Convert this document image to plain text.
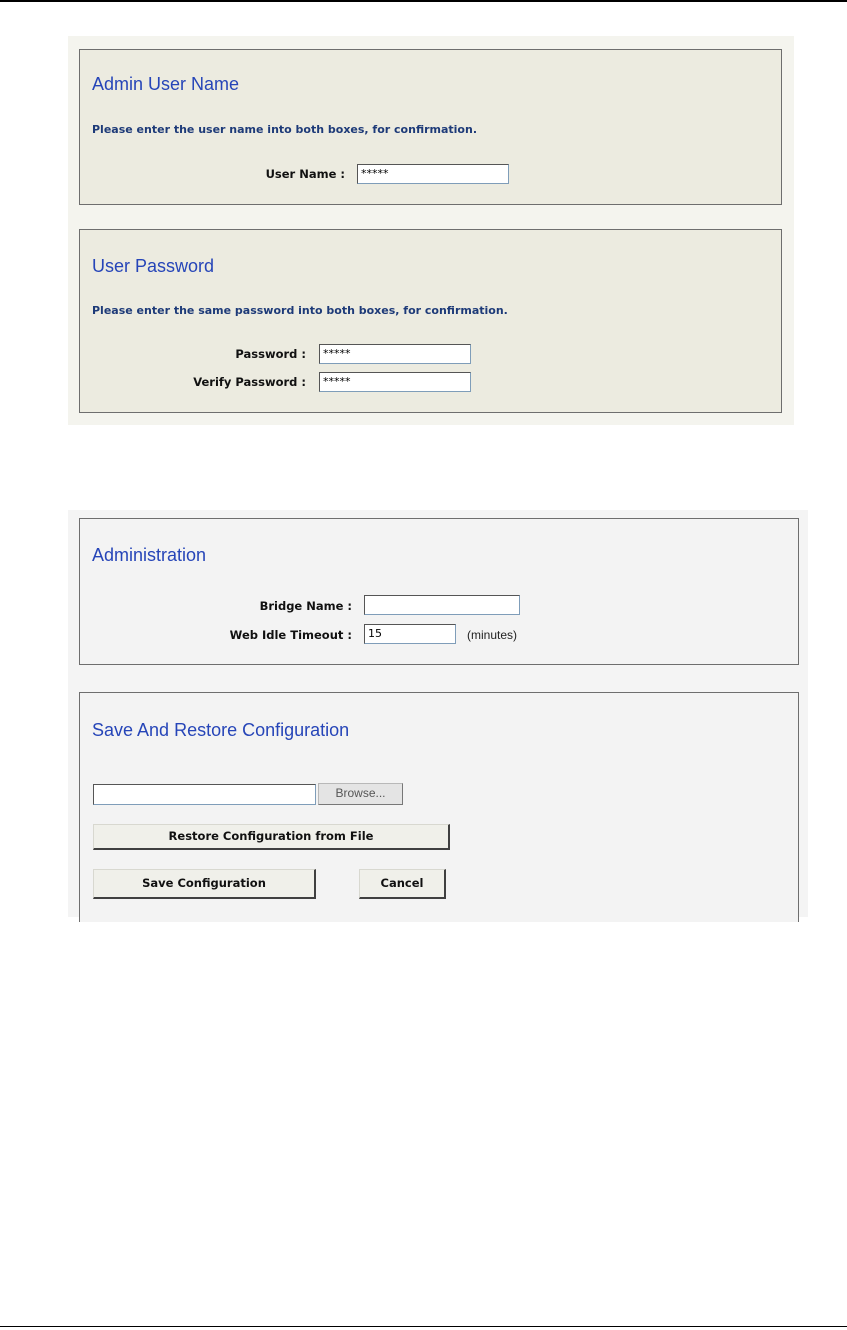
Admin User Name
Please enter the user name into both boxes, for confirmation.
User Name :	*****
User Password
Please enter the same password into both boxes, for confirmation.
Password :	*****
Verify Password :	*****
Administration
Bridge Name :
Web Idle Timeout :	15	(minutes)
Save And Restore Configuration
Browse...
Restore Configuration from File
Save Configuration	Cancel
